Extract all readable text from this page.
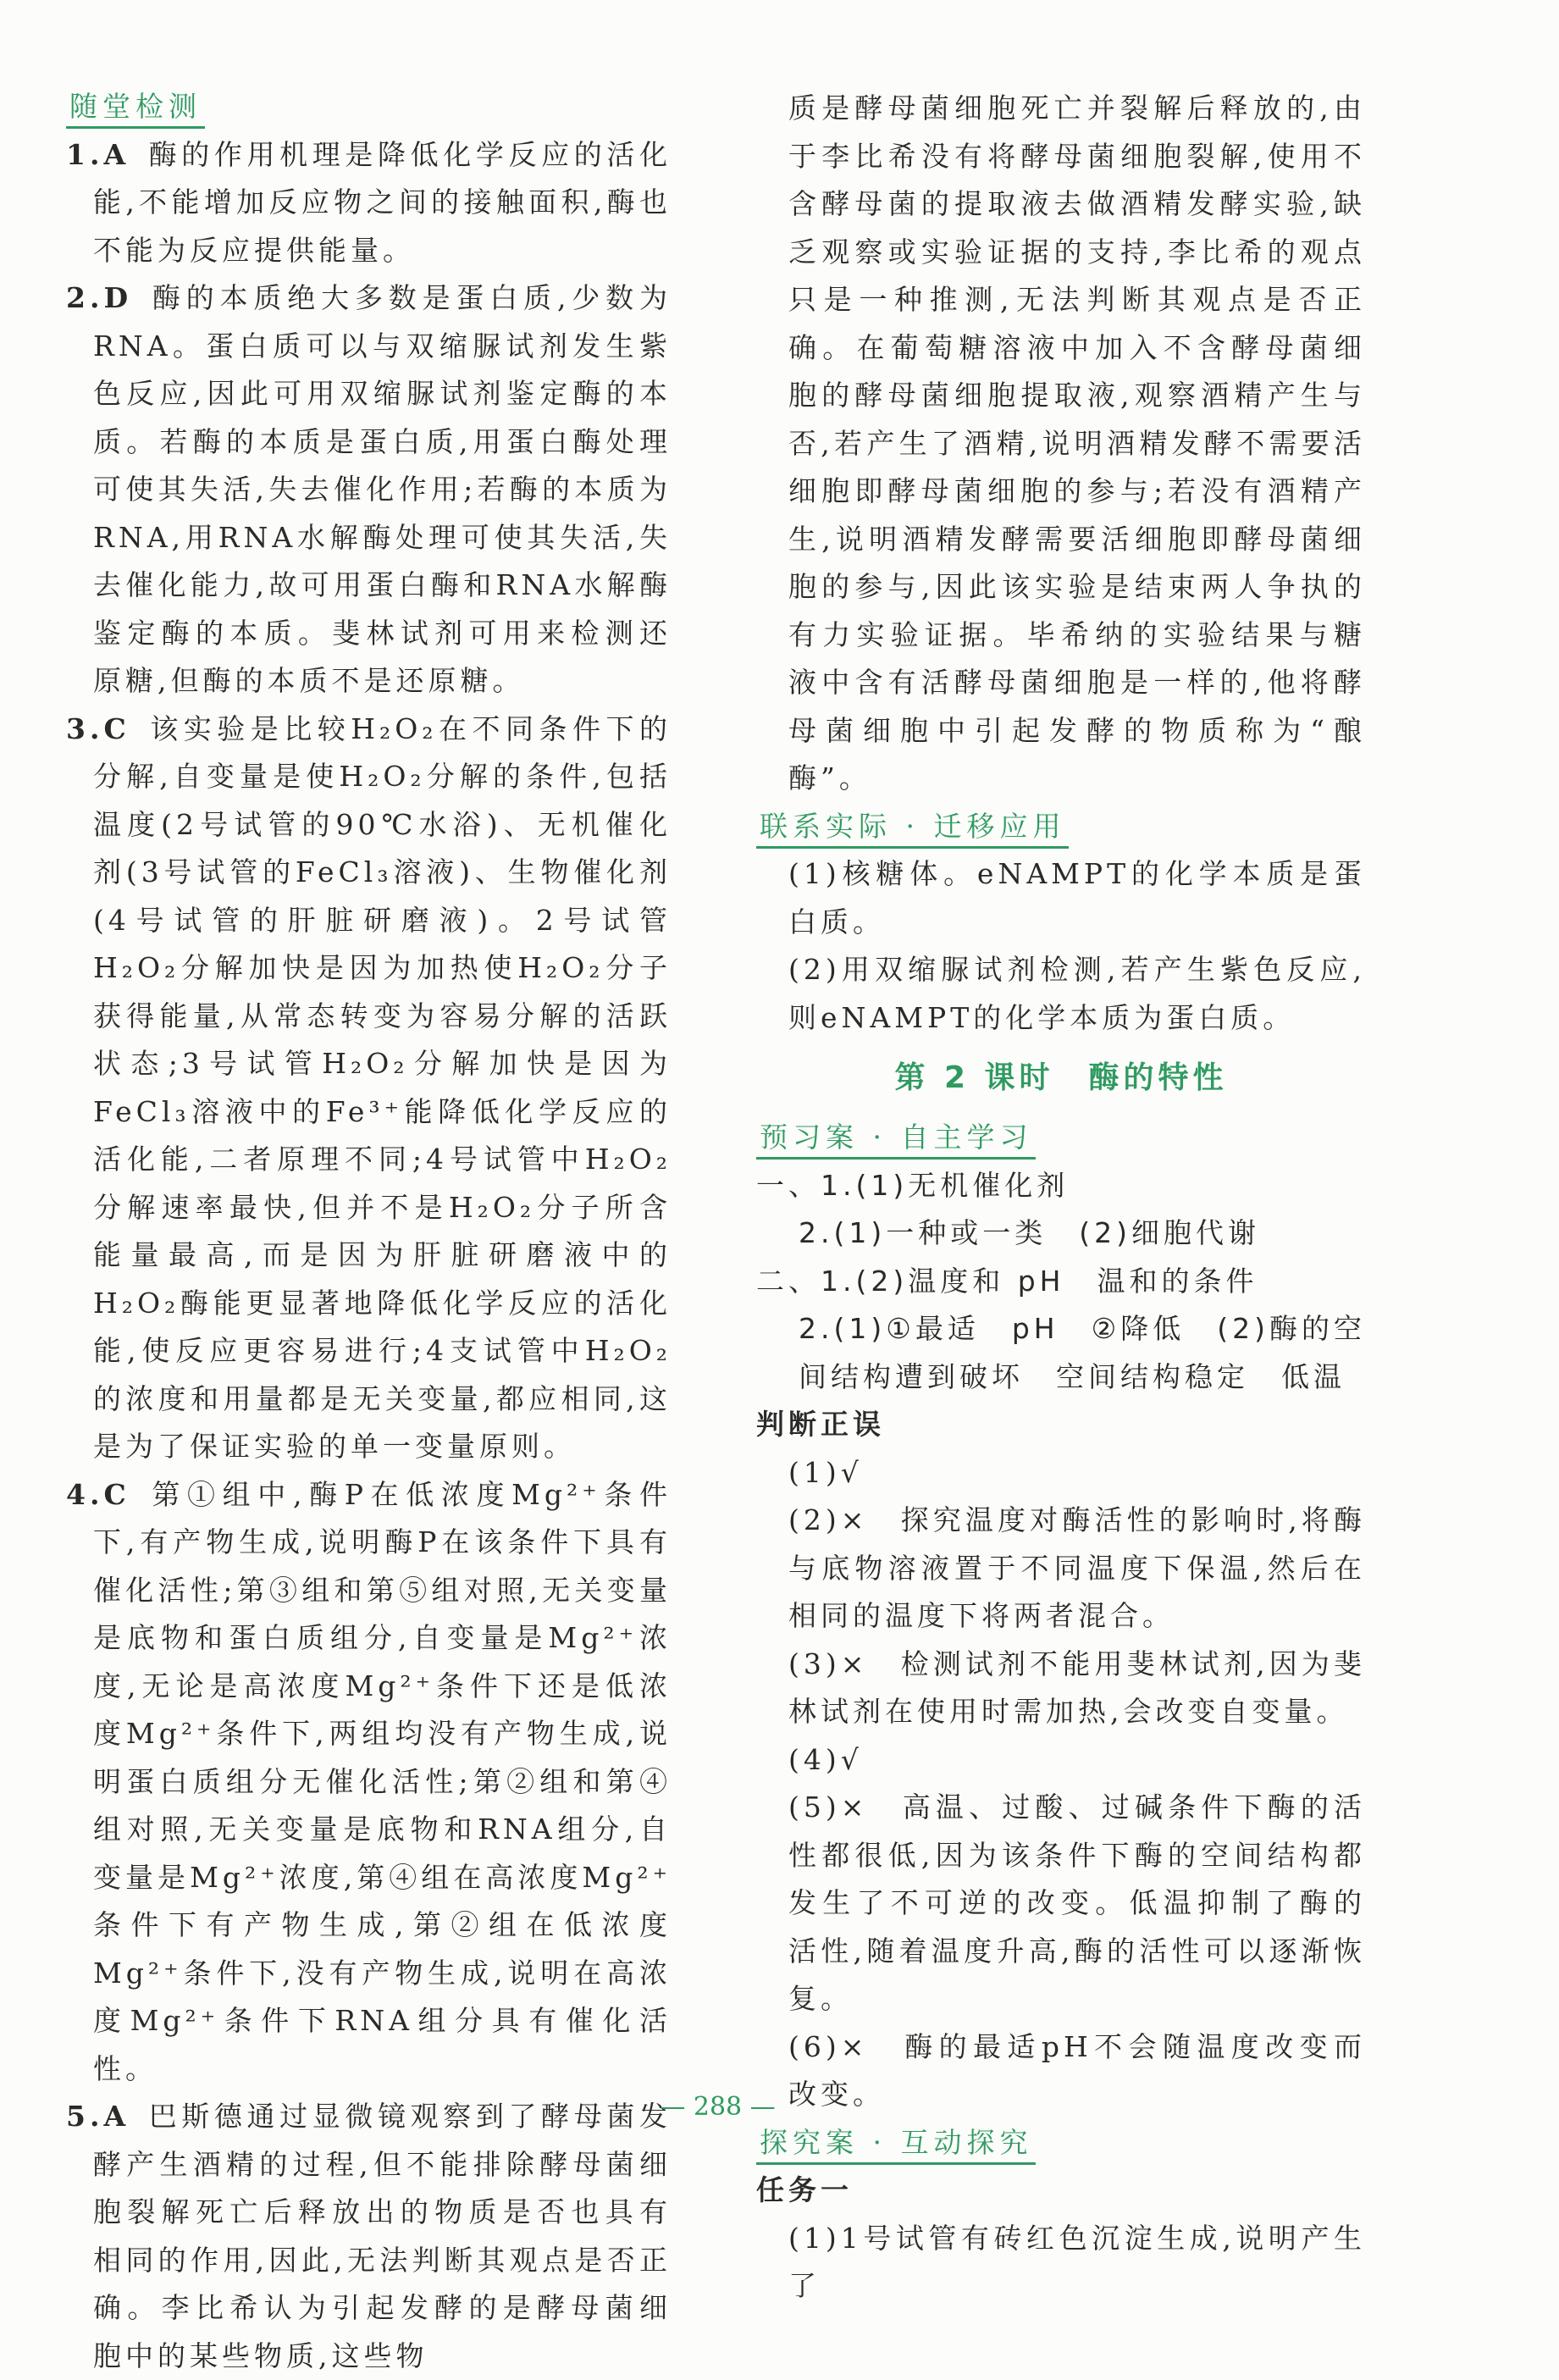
随堂检测
1.A 酶的作用机理是降低化学反应的活化能,不能增加反应物之间的接触面积,酶也不能为反应提供能量。
2.D 酶的本质绝大多数是蛋白质,少数为RNA。蛋白质可以与双缩脲试剂发生紫色反应,因此可用双缩脲试剂鉴定酶的本质。若酶的本质是蛋白质,用蛋白酶处理可使其失活,失去催化作用;若酶的本质为RNA,用RNA水解酶处理可使其失活,失去催化能力,故可用蛋白酶和RNA水解酶鉴定酶的本质。斐林试剂可用来检测还原糖,但酶的本质不是还原糖。
3.C 该实验是比较H₂O₂在不同条件下的分解,自变量是使H₂O₂分解的条件,包括温度(2号试管的90℃水浴)、无机催化剂(3号试管的FeCl₃溶液)、生物催化剂(4号试管的肝脏研磨液)。2号试管H₂O₂分解加快是因为加热使H₂O₂分子获得能量,从常态转变为容易分解的活跃状态;3号试管H₂O₂分解加快是因为FeCl₃溶液中的Fe³⁺能降低化学反应的活化能,二者原理不同;4号试管中H₂O₂分解速率最快,但并不是H₂O₂分子所含能量最高,而是因为肝脏研磨液中的H₂O₂酶能更显著地降低化学反应的活化能,使反应更容易进行;4支试管中H₂O₂的浓度和用量都是无关变量,都应相同,这是为了保证实验的单一变量原则。
4.C 第①组中,酶P在低浓度Mg²⁺条件下,有产物生成,说明酶P在该条件下具有催化活性;第③组和第⑤组对照,无关变量是底物和蛋白质组分,自变量是Mg²⁺浓度,无论是高浓度Mg²⁺条件下还是低浓度Mg²⁺条件下,两组均没有产物生成,说明蛋白质组分无催化活性;第②组和第④组对照,无关变量是底物和RNA组分,自变量是Mg²⁺浓度,第④组在高浓度Mg²⁺条件下有产物生成,第②组在低浓度Mg²⁺条件下,没有产物生成,说明在高浓度Mg²⁺条件下RNA组分具有催化活性。
5.A 巴斯德通过显微镜观察到了酵母菌发酵产生酒精的过程,但不能排除酵母菌细胞裂解死亡后释放出的物质是否也具有相同的作用,因此,无法判断其观点是否正确。李比希认为引起发酵的是酵母菌细胞中的某些物质,这些物
质是酵母菌细胞死亡并裂解后释放的,由于李比希没有将酵母菌细胞裂解,使用不含酵母菌的提取液去做酒精发酵实验,缺乏观察或实验证据的支持,李比希的观点只是一种推测,无法判断其观点是否正确。在葡萄糖溶液中加入不含酵母菌细胞的酵母菌细胞提取液,观察酒精产生与否,若产生了酒精,说明酒精发酵不需要活细胞即酵母菌细胞的参与;若没有酒精产生,说明酒精发酵需要活细胞即酵母菌细胞的参与,因此该实验是结束两人争执的有力实验证据。毕希纳的实验结果与糖液中含有活酵母菌细胞是一样的,他将酵母菌细胞中引起发酵的物质称为“酿酶”。
联系实际 · 迁移应用
(1)核糖体。eNAMPT的化学本质是蛋白质。
(2)用双缩脲试剂检测,若产生紫色反应,则eNAMPT的化学本质为蛋白质。
第 2 课时　酶的特性
预习案 · 自主学习
一、1.(1)无机催化剂
2.(1)一种或一类　(2)细胞代谢
二、1.(2)温度和 pH　温和的条件
2.(1)①最适　pH　②降低　(2)酶的空间结构遭到破坏　空间结构稳定　低温
判断正误
(1)√
(2)×　探究温度对酶活性的影响时,将酶与底物溶液置于不同温度下保温,然后在相同的温度下将两者混合。
(3)×　检测试剂不能用斐林试剂,因为斐林试剂在使用时需加热,会改变自变量。
(4)√
(5)×　高温、过酸、过碱条件下酶的活性都很低,因为该条件下酶的空间结构都发生了不可逆的改变。低温抑制了酶的活性,随着温度升高,酶的活性可以逐渐恢复。
(6)×　酶的最适pH不会随温度改变而改变。
探究案 · 互动探究
任务一
(1)1号试管有砖红色沉淀生成,说明产生了
— 288 —
